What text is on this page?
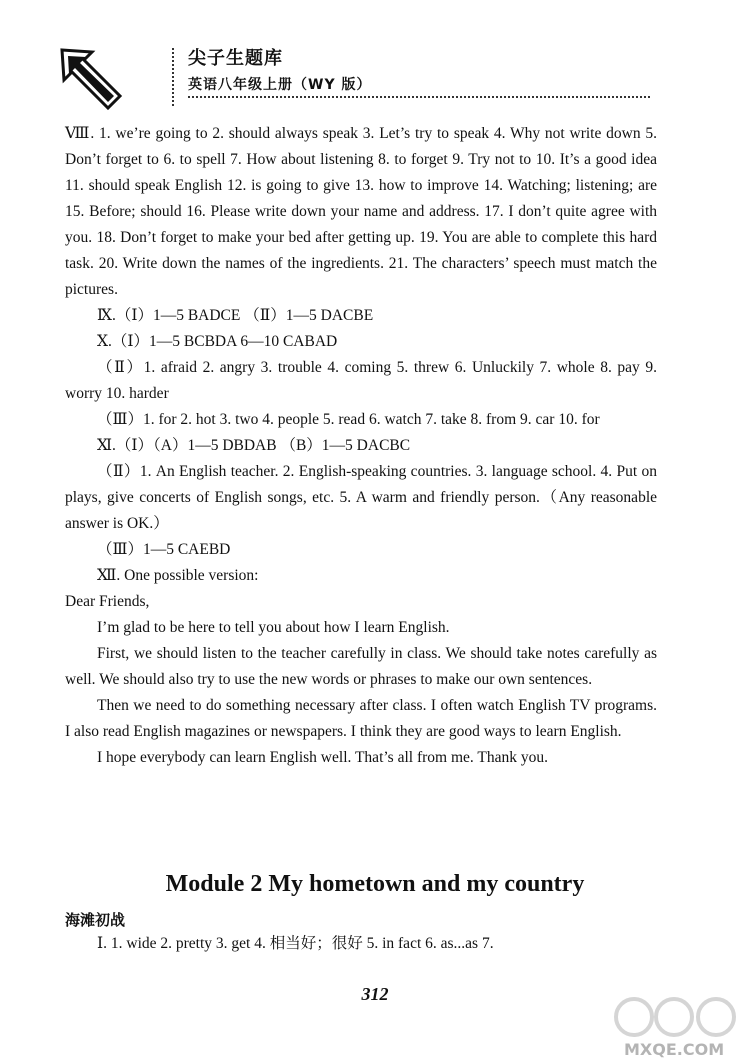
尖子生题库
英语八年级上册（WY 版）

Ⅷ. 1. we’re going to 2. should always speak 3. Let’s try to speak 4. Why not write down 5. Don’t forget to 6. to spell 7. How about listening 8. to forget 9. Try not to 10. It’s a good idea 11. should speak English 12. is going to give 13. how to improve 14. Watching; listening; are 15. Before; should 16. Please write down your name and address. 17. I don’t quite agree with you. 18. Don’t forget to make your bed after getting up. 19. You are able to complete this hard task. 20. Write down the names of the ingredients. 21. The characters’ speech must match the pictures.

Ⅸ.（Ⅰ）1—5 BADCE （Ⅱ）1—5 DACBE

Ⅹ.（Ⅰ）1—5 BCBDA 6—10 CABAD

（Ⅱ）1. afraid 2. angry 3. trouble 4. coming 5. threw 6. Unluckily 7. whole 8. pay 9. worry 10. harder

（Ⅲ）1. for 2. hot 3. two 4. people 5. read 6. watch 7. take 8. from 9. car 10. for

Ⅺ.（Ⅰ）（A）1—5 DBDAB （B）1—5 DACBC

（Ⅱ）1. An English teacher. 2. English-speaking countries. 3. language school. 4. Put on plays, give concerts of English songs, etc. 5. A warm and friendly person.（Any reasonable answer is OK.）

（Ⅲ）1—5 CAEBD

Ⅻ. One possible version:

Dear Friends,

I’m glad to be here to tell you about how I learn English.

First, we should listen to the teacher carefully in class. We should take notes carefully as well. We should also try to use the new words or phrases to make our own sentences.

Then we need to do something necessary after class. I often watch English TV programs. I also read English magazines or newspapers. I think they are good ways to learn English.

I hope everybody can learn English well. That’s all from me. Thank you.

Module 2 My hometown and my country
海滩初战
Ⅰ. 1. wide 2. pretty 3. get 4. 相当好；很好 5. in fact 6. as...as 7.
312
MXQE.COM
